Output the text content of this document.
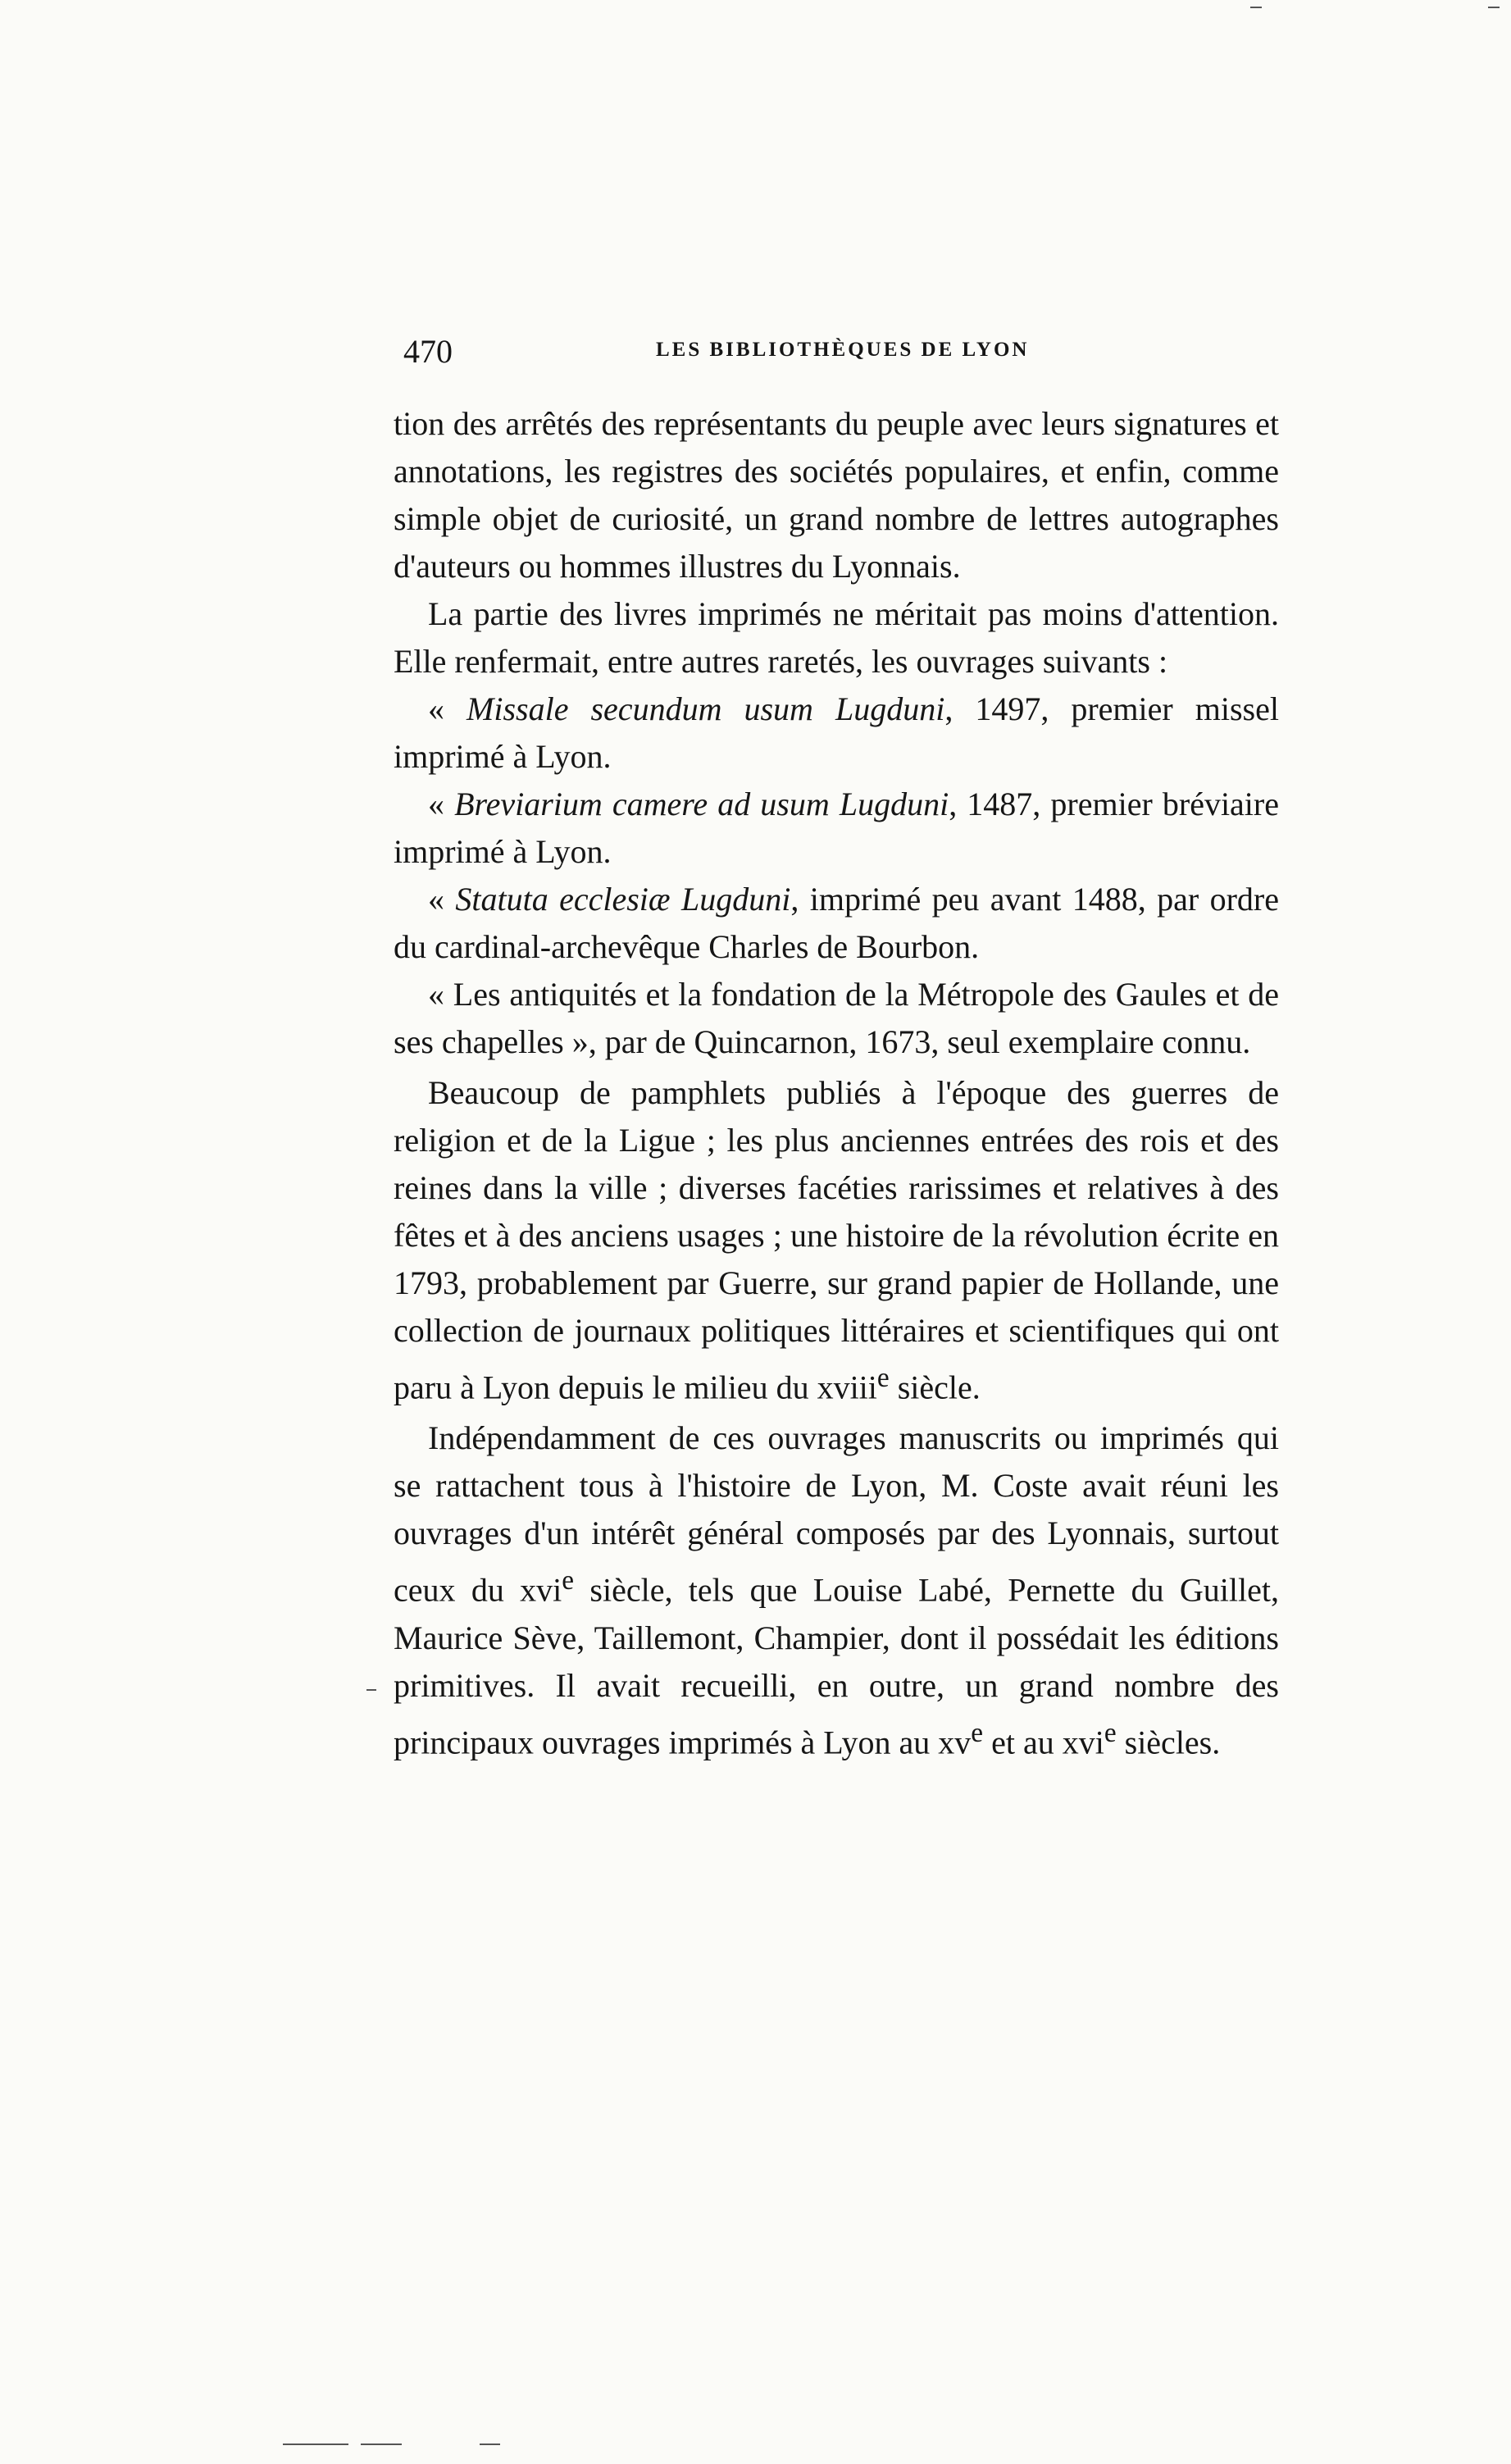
470	LES BIBLIOTHÈQUES DE LYON

tion des arrêtés des représentants du peuple avec leurs signatures et annotations, les registres des sociétés populaires, et enfin, comme simple objet de curiosité, un grand nombre de lettres autographes d'auteurs ou hommes illustres du Lyonnais.

La partie des livres imprimés ne méritait pas moins d'attention. Elle renfermait, entre autres raretés, les ouvrages suivants :

« Missale secundum usum Lugduni, 1497, premier missel imprimé à Lyon.

« Breviarium camere ad usum Lugduni, 1487, premier bréviaire imprimé à Lyon.

« Statuta ecclesiæ Lugduni, imprimé peu avant 1488, par ordre du cardinal-archevêque Charles de Bourbon.

« Les antiquités et la fondation de la Métropole des Gaules et de ses chapelles », par de Quincarnon, 1673, seul exemplaire connu.

Beaucoup de pamphlets publiés à l'époque des guerres de religion et de la Ligue ; les plus anciennes entrées des rois et des reines dans la ville ; diverses facéties rarissimes et relatives à des fêtes et à des anciens usages ; une histoire de la révolution écrite en 1793, probablement par Guerre, sur grand papier de Hollande, une collection de journaux politiques littéraires et scientifiques qui ont paru à Lyon depuis le milieu du xviii$^e$ siècle.

Indépendamment de ces ouvrages manuscrits ou imprimés qui se rattachent tous à l'histoire de Lyon, M. Coste avait réuni les ouvrages d'un intérêt général composés par des Lyonnais, surtout ceux du xvi$^e$ siècle, tels que Louise Labé, Pernette du Guillet, Maurice Sève, Taillemont, Champier, dont il possédait les éditions primitives. Il avait recueilli, en outre, un grand nombre des principaux ouvrages imprimés à Lyon au $xv^e$ et au xvi$^e$ siècles.
